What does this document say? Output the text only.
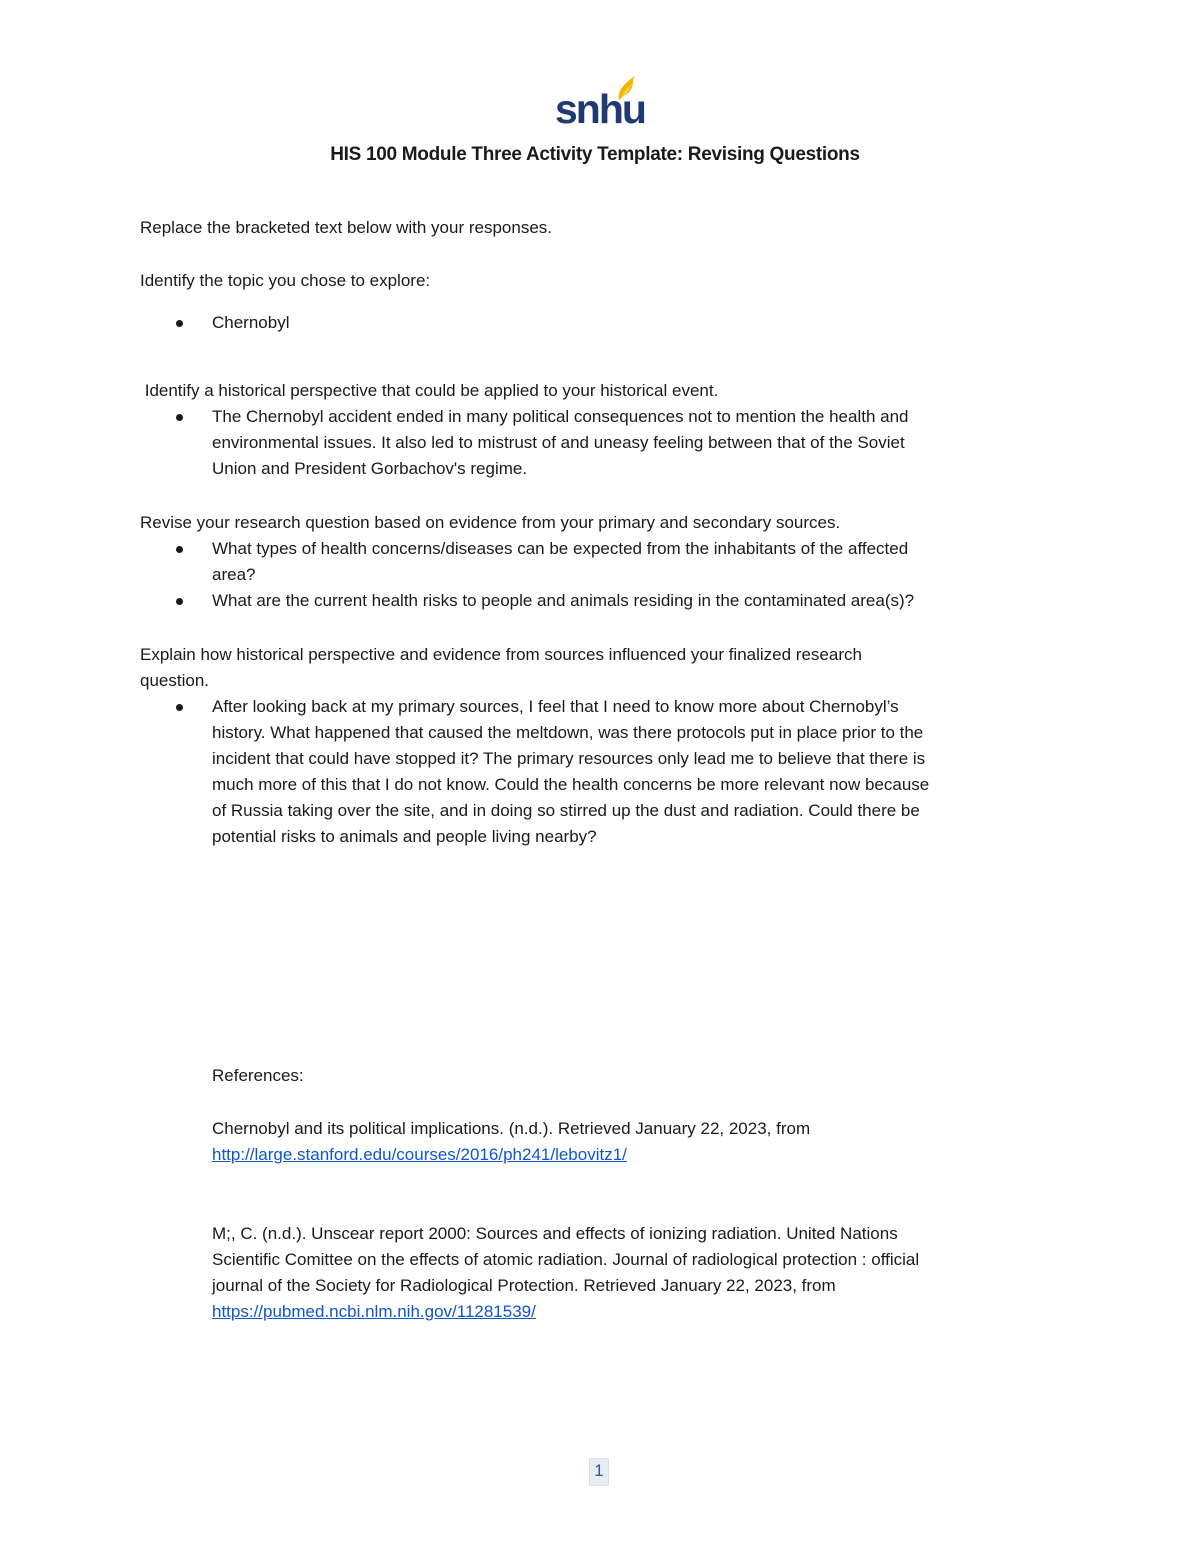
snhu
HIS 100 Module Three Activity Template: Revising Questions

Replace the bracketed text below with your responses.

Identify the topic you chose to explore:

Chernobyl

Identify a historical perspective that could be applied to your historical event.

The Chernobyl accident ended in many political consequences not to mention the health and
environmental issues. It also led to mistrust of and uneasy feeling between that of the Soviet
Union and President Gorbachov's regime.

Revise your research question based on evidence from your primary and secondary sources.

What types of health concerns/diseases can be expected from the inhabitants of the affected
area?
What are the current health risks to people and animals residing in the contaminated area(s)?

Explain how historical perspective and evidence from sources influenced your finalized research
question.

After looking back at my primary sources, I feel that I need to know more about Chernobyl’s
history. What happened that caused the meltdown, was there protocols put in place prior to the
incident that could have stopped it? The primary resources only lead me to believe that there is
much more of this that I do not know. Could the health concerns be more relevant now because
of Russia taking over the site, and in doing so stirred up the dust and radiation. Could there be
potential risks to animals and people living nearby?

References:

Chernobyl and its political implications. (n.d.). Retrieved January 22, 2023, from
http://large.stanford.edu/courses/2016/ph241/lebovitz1/
M;, C. (n.d.). Unscear report 2000: Sources and effects of ionizing radiation. United Nations
Scientific Comittee on the effects of atomic radiation. Journal of radiological protection : official
journal of the Society for Radiological Protection. Retrieved January 22, 2023, from
https://pubmed.ncbi.nlm.nih.gov/11281539/
1
